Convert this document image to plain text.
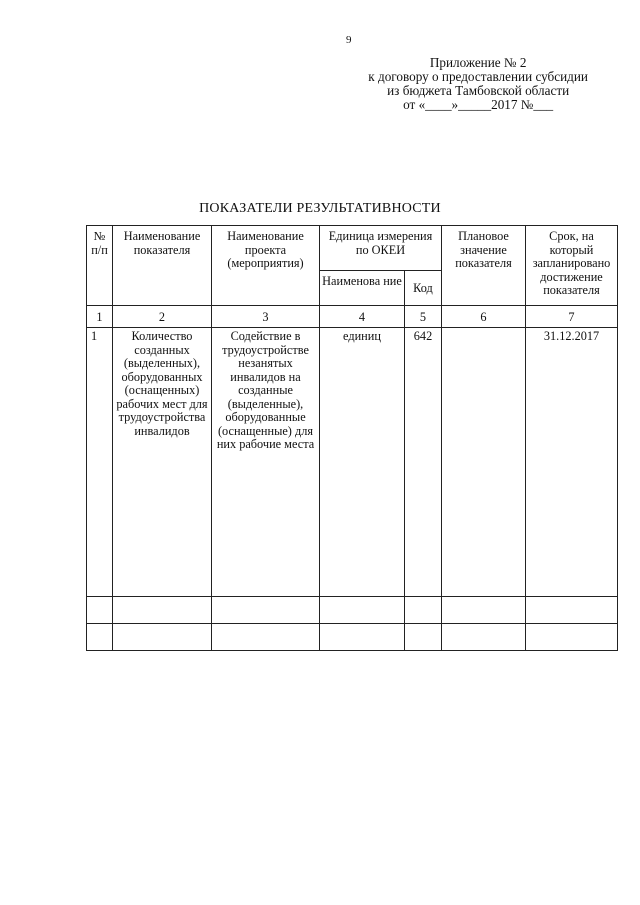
9
Приложение № 2
к договору о предоставлении субсидии
из бюджета Тамбовской области
от «____»_____2017 №___
ПОКАЗАТЕЛИ РЕЗУЛЬТАТИВНОСТИ
№ п/п	Наименование показателя	Наименование проекта (мероприятия)	Единица измерения по ОКЕИ		Плановое значение показателя	Срок, на который запланировано достижение показателя
			Наименова ние	Код		
1	2	3	4	5	6	7
1	Количество созданных (выделенных), оборудованных (оснащенных) рабочих мест для трудоустройства инвалидов	Содействие в трудоустройстве незанятых инвалидов на созданные (выделенные), оборудованные (оснащенные) для них рабочие места	единиц	642		31.12.2017
